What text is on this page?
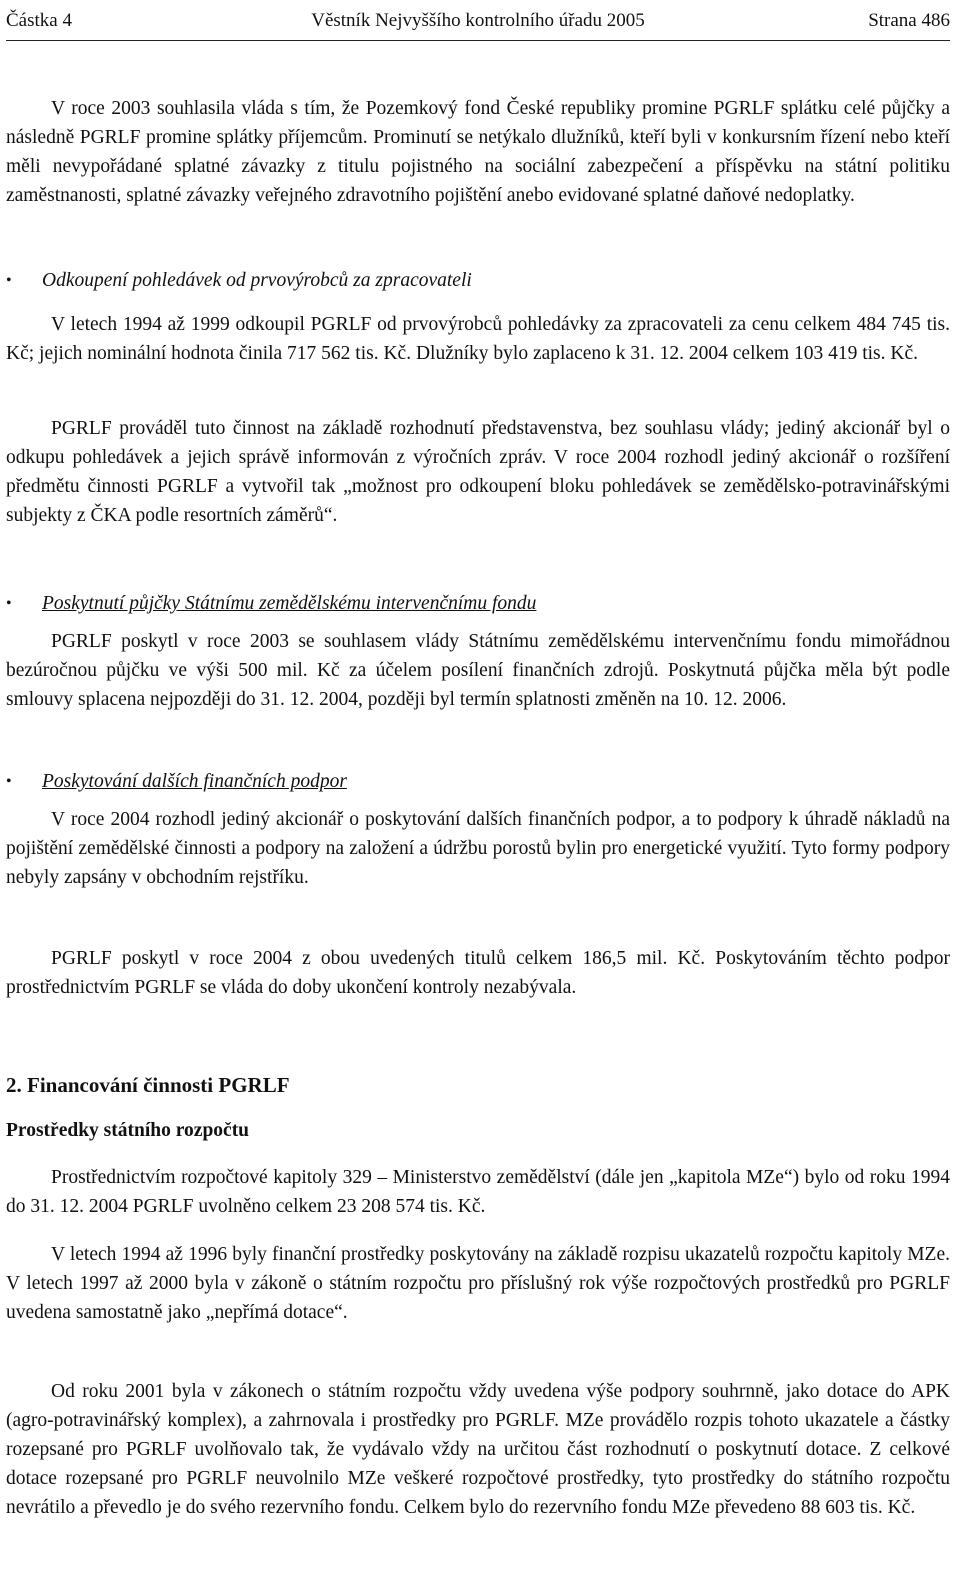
Částka 4	Věstník Nejvyššího kontrolního úřadu 2005	Strana 486

V roce 2003 souhlasila vláda s tím, že Pozemkový fond České republiky promine PGRLF splátku celé půjčky a následně PGRLF promine splátky příjemcům. Prominutí se netýkalo dlužníků, kteří byli v konkursním řízení nebo kteří měli nevypořádané splatné závazky z titulu pojistného na sociální zabezpečení a příspěvku na státní politiku zaměstnanosti, splatné závazky veřejného zdravotního pojištění anebo evidované splatné daňové nedoplatky.

• Odkoupení pohledávek od prvovýrobců za zpracovateli

V letech 1994 až 1999 odkoupil PGRLF od prvovýrobců pohledávky za zpracovateli za cenu celkem 484 745 tis. Kč; jejich nominální hodnota činila 717 562 tis. Kč. Dlužníky bylo zaplaceno k 31. 12. 2004 celkem 103 419 tis. Kč.

PGRLF prováděl tuto činnost na základě rozhodnutí představenstva, bez souhlasu vlády; jediný akcionář byl o odkupu pohledávek a jejich správě informován z výročních zpráv. V roce 2004 rozhodl jediný akcionář o rozšíření předmětu činnosti PGRLF a vytvořil tak „možnost pro odkoupení bloku pohledávek se zemědělsko-potravinářskými subjekty z ČKA podle resortních záměrů“.

• Poskytnutí půjčky Státnímu zemědělskému intervenčnímu fondu

PGRLF poskytl v roce 2003 se souhlasem vlády Státnímu zemědělskému intervenčnímu fondu mimořádnou bezúročnou půjčku ve výši 500 mil. Kč za účelem posílení finančních zdrojů. Poskytnutá půjčka měla být podle smlouvy splacena nejpozději do 31. 12. 2004, později byl termín splatnosti změněn na 10. 12. 2006.

• Poskytování dalších finančních podpor

V roce 2004 rozhodl jediný akcionář o poskytování dalších finančních podpor, a to podpory k úhradě nákladů na pojištění zemědělské činnosti a podpory na založení a údržbu porostů bylin pro energetické využití. Tyto formy podpory nebyly zapsány v obchodním rejstříku.

PGRLF poskytl v roce 2004 z obou uvedených titulů celkem 186,5 mil. Kč. Poskytováním těchto podpor prostřednictvím PGRLF se vláda do doby ukončení kontroly nezabývala.

2. Financování činnosti PGRLF
Prostředky státního rozpočtu

Prostřednictvím rozpočtové kapitoly 329 – Ministerstvo zemědělství (dále jen „kapitola MZe“) bylo od roku 1994 do 31. 12. 2004 PGRLF uvolněno celkem 23 208 574 tis. Kč.

V letech 1994 až 1996 byly finanční prostředky poskytovány na základě rozpisu ukazatelů rozpočtu kapitoly MZe. V letech 1997 až 2000 byla v zákoně o státním rozpočtu pro příslušný rok výše rozpočtových prostředků pro PGRLF uvedena samostatně jako „nepřímá dotace“.

Od roku 2001 byla v zákonech o státním rozpočtu vždy uvedena výše podpory souhrnně, jako dotace do APK (agro-potravinářský komplex), a zahrnovala i prostředky pro PGRLF. MZe provádělo rozpis tohoto ukazatele a částky rozepsané pro PGRLF uvolňovalo tak, že vydávalo vždy na určitou část rozhodnutí o poskytnutí dotace. Z celkové dotace rozepsané pro PGRLF neuvolnilo MZe veškeré rozpočtové prostředky, tyto prostředky do státního rozpočtu nevrátilo a převedlo je do svého rezervního fondu. Celkem bylo do rezervního fondu MZe převedeno 88 603 tis. Kč.
